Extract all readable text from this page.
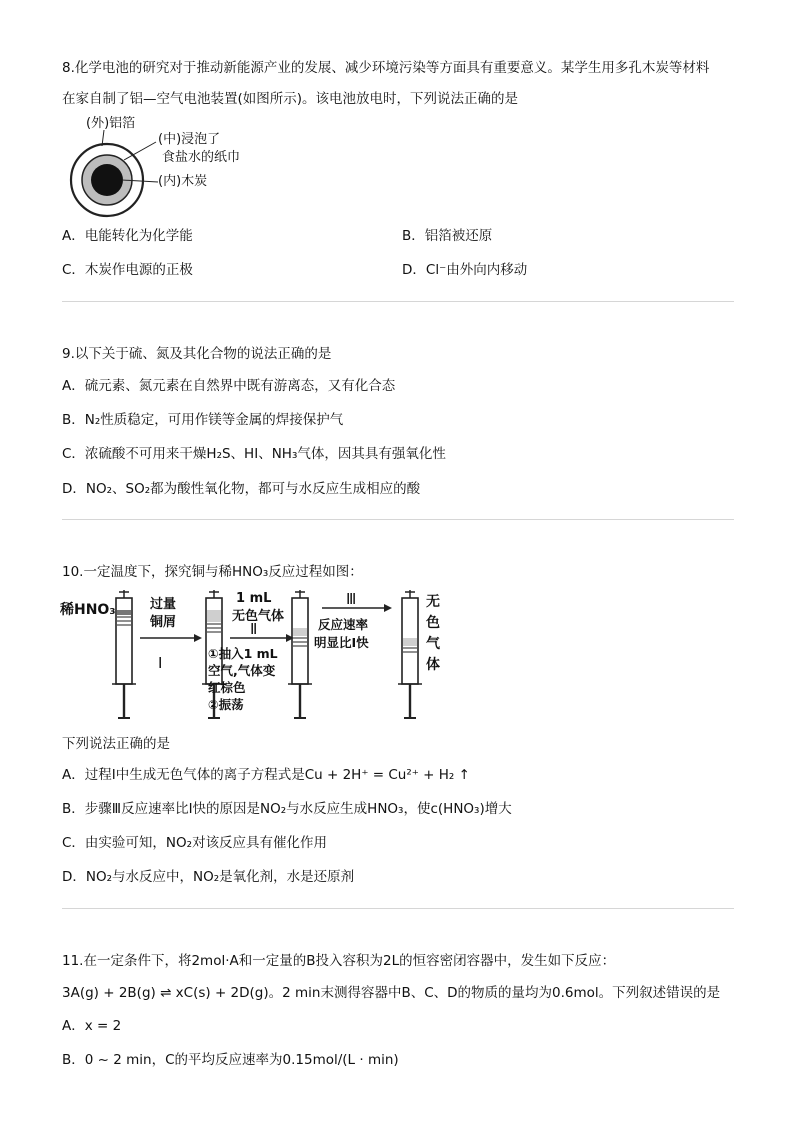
8.化学电池的研究对于推动新能源产业的发展、减少环境污染等方面具有重要意义。某学生用多孔木炭等材料
在家自制了铝—空气电池装置(如图所示)。该电池放电时，下列说法正确的是
(外)铝箔
(中)浸泡了
食盐水的纸巾
(内)木炭
A．电能转化为化学能	B．铝箔被还原
C．木炭作电源的正极	D．Cl⁻由外向内移动
9.以下关于硫、氮及其化合物的说法正确的是
A．硫元素、氮元素在自然界中既有游离态，又有化合态
B．N₂性质稳定，可用作镁等金属的焊接保护气
C．浓硫酸不可用来干燥H₂S、HI、NH₃气体，因其具有强氧化性
D．NO₂、SO₂都为酸性氧化物，都可与水反应生成相应的酸
10.一定温度下，探究铜与稀HNO₃反应过程如图：
稀HNO₃	过量
铜屑
Ⅰ
1 mL
无色气体
Ⅱ
①抽入1 mL
空气,气体变
红棕色
②振荡
反应速率
明显比Ⅰ快
Ⅲ	无
色
气
体
下列说法正确的是
A．过程Ⅰ中生成无色气体的离子方程式是Cu + 2H⁺ = Cu²⁺ + H₂ ↑
B．步骤Ⅲ反应速率比Ⅰ快的原因是NO₂与水反应生成HNO₃，使c(HNO₃)增大
C．由实验可知，NO₂对该反应具有催化作用
D．NO₂与水反应中，NO₂是氧化剂，水是还原剂
11.在一定条件下，将2mol·A和一定量的B投入容积为2L的恒容密闭容器中，发生如下反应：
3A(g) + 2B(g) ⇌ xC(s) + 2D(g)。2 min末测得容器中B、C、D的物质的量均为0.6mol。下列叙述错误的是
A．x = 2
B．0 ~ 2 min，C的平均反应速率为0.15mol/(L · min)
